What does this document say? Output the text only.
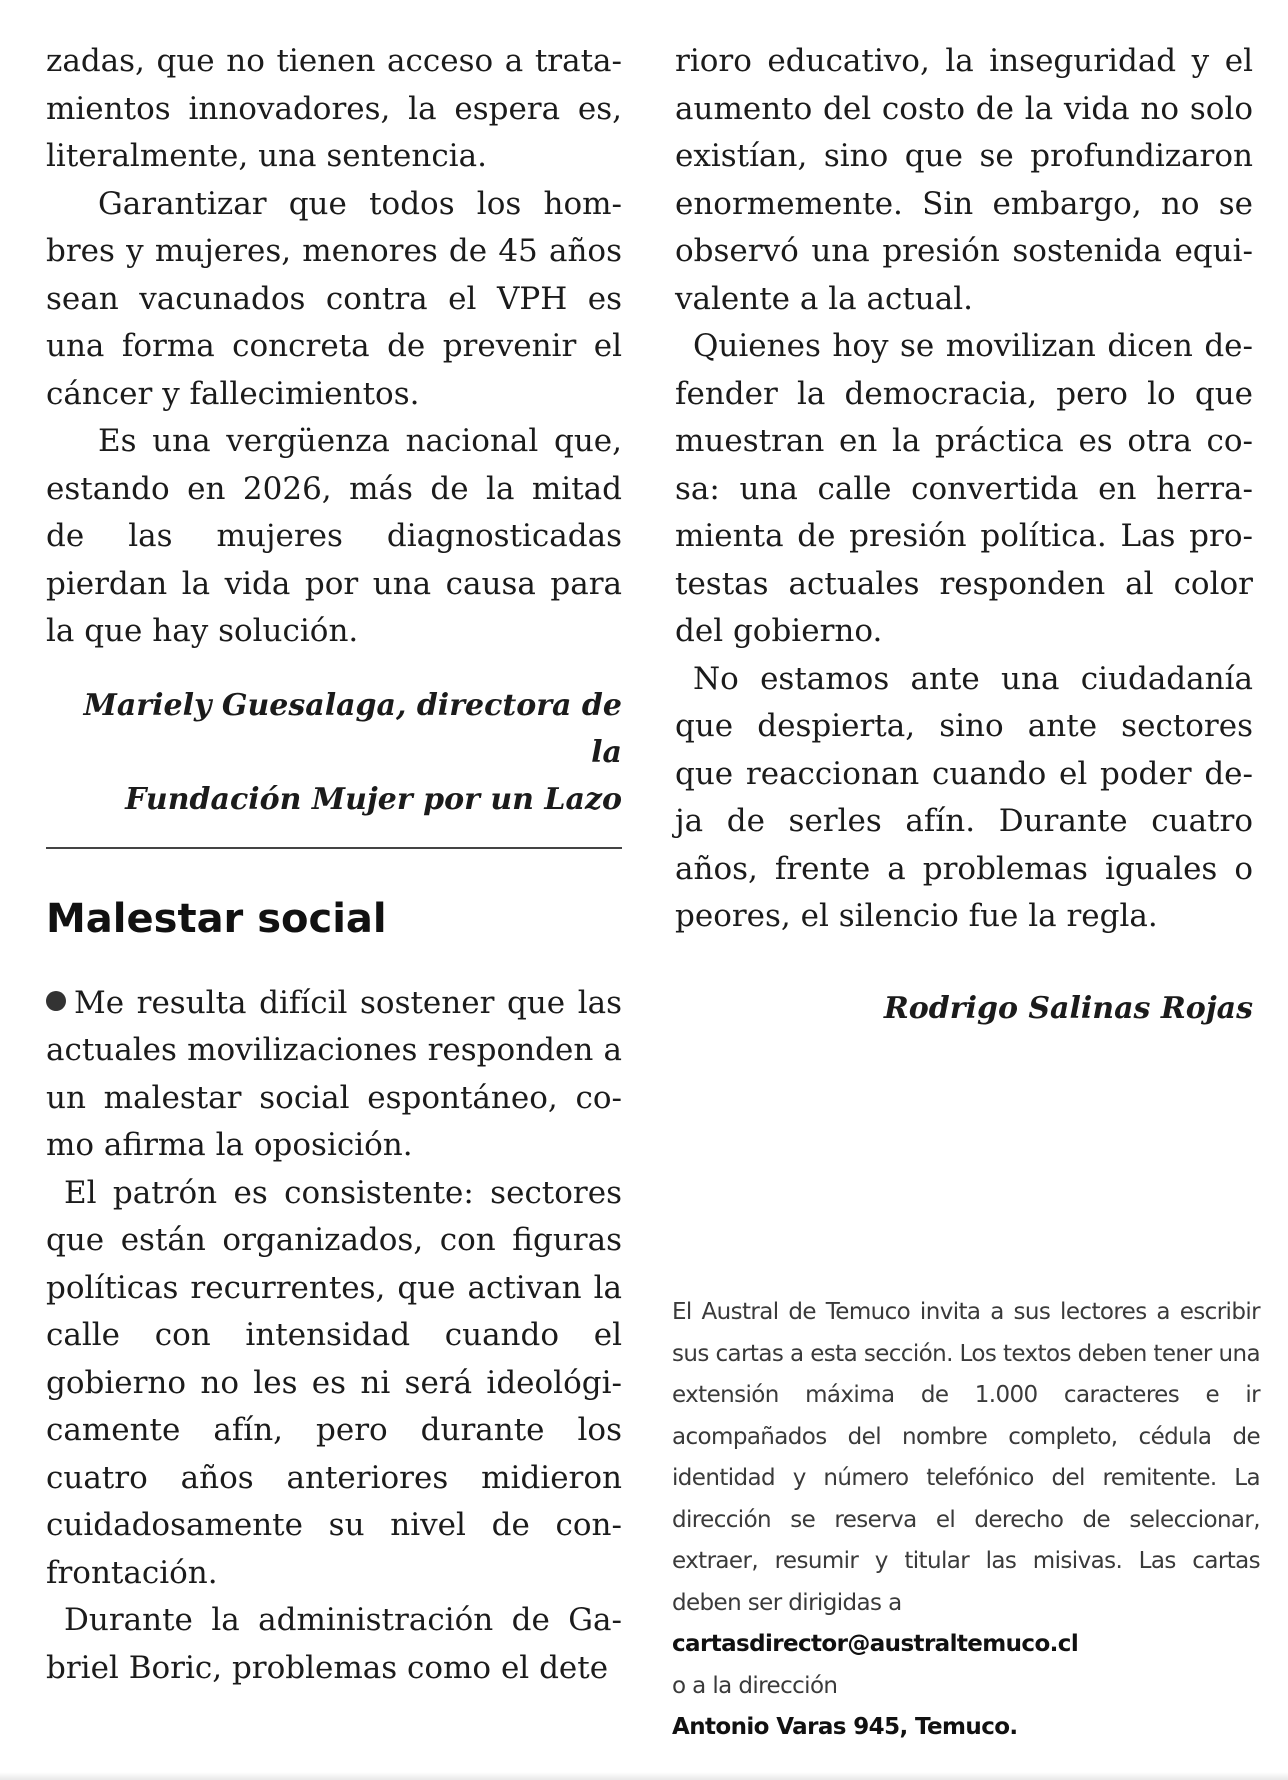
zadas, que no tienen acceso a tratamientos innovadores, la espera es, literalmente, una sentencia.

Garantizar que todos los hombres y mujeres, menores de 45 años sean vacunados contra el VPH es una forma concreta de prevenir el cáncer y fallecimientos.

Es una vergüenza nacional que, estando en 2026, más de la mitad de las mujeres diagnosticadas pierdan la vida por una causa para la que hay solución.

Mariely Guesalaga, directora de la

Fundación Mujer por un Lazo

Malestar social

Me resulta difícil sostener que las actuales movilizaciones responden a un malestar social espontáneo, como afirma la oposición.

El patrón es consistente: sectores que están organizados, con figuras políticas recurrentes, que activan la calle con intensidad cuando el gobierno no les es ni será ideológicamente afín, pero durante los cuatro años anteriores midieron cuidadosamente su nivel de confrontación.

Durante la administración de Gabriel Boric, problemas como el dete

rioro educativo, la inseguridad y el aumento del costo de la vida no solo existían, sino que se profundizaron enormemente. Sin embargo, no se observó una presión sostenida equivalente a la actual.

Quienes hoy se movilizan dicen defender la democracia, pero lo que muestran en la práctica es otra cosa: una calle convertida en herramienta de presión política. Las protestas actuales responden al color del gobierno.

No estamos ante una ciudadanía que despierta, sino ante sectores que reaccionan cuando el poder deja de serles afín. Durante cuatro años, frente a problemas iguales o peores, el silencio fue la regla.

Rodrigo Salinas Rojas

El Austral de Temuco invita a sus lectores a escribir sus cartas a esta sección. Los textos deben tener una extensión máxima de 1.000 caracteres e ir acompañados del nombre completo, cédula de identidad y número telefónico del remitente. La dirección se reserva el derecho de seleccionar, extraer, resumir y titular las misivas. Las cartas deben ser dirigidas a

cartasdirector@australtemuco.cl

o a la dirección

Antonio Varas 945, Temuco.
